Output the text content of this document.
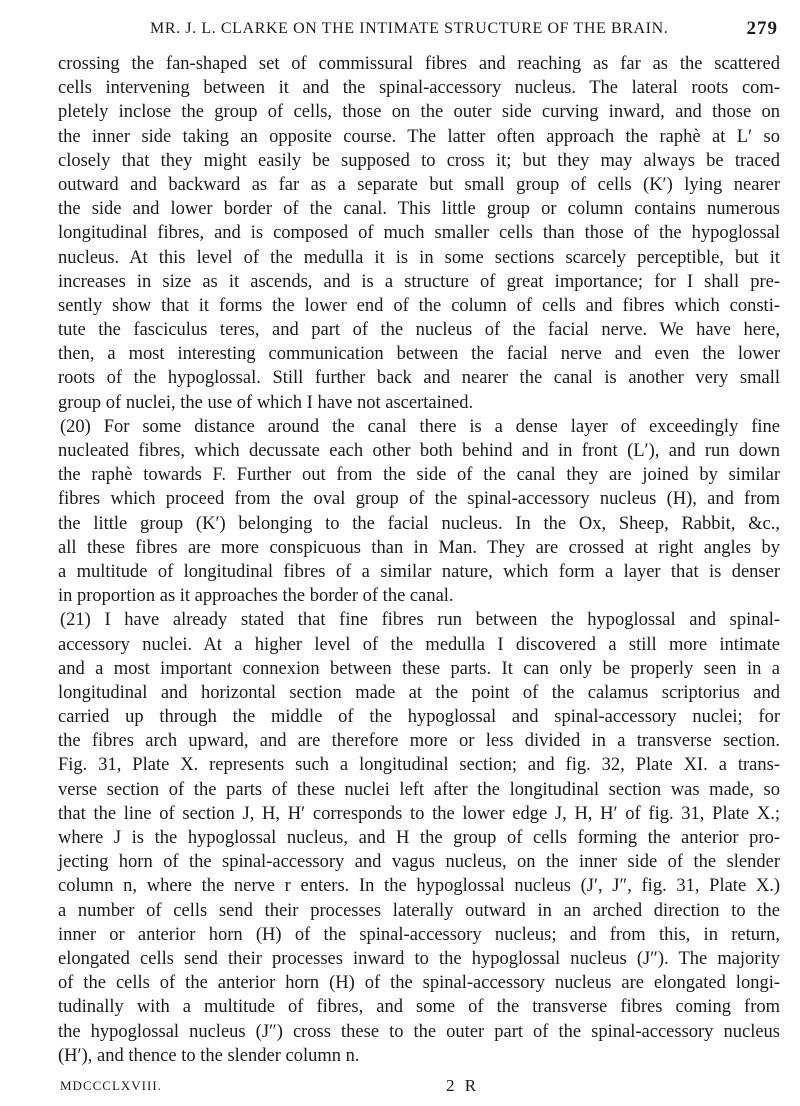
MR. J. L. CLARKE ON THE INTIMATE STRUCTURE OF THE BRAIN.	279
crossing the fan-shaped set of commissural fibres and reaching as far as the scattered
cells intervening between it and the spinal-accessory nucleus. The lateral roots com-
pletely inclose the group of cells, those on the outer side curving inward, and those on
the inner side taking an opposite course. The latter often approach the raphè at L′ so
closely that they might easily be supposed to cross it; but they may always be traced
outward and backward as far as a separate but small group of cells (K′) lying nearer
the side and lower border of the canal. This little group or column contains numerous
longitudinal fibres, and is composed of much smaller cells than those of the hypoglossal
nucleus. At this level of the medulla it is in some sections scarcely perceptible, but it
increases in size as it ascends, and is a structure of great importance; for I shall pre-
sently show that it forms the lower end of the column of cells and fibres which consti-
tute the fasciculus teres, and part of the nucleus of the facial nerve. We have here,
then, a most interesting communication between the facial nerve and even the lower
roots of the hypoglossal. Still further back and nearer the canal is another very small
group of nuclei, the use of which I have not ascertained.
(20) For some distance around the canal there is a dense layer of exceedingly fine
nucleated fibres, which decussate each other both behind and in front (L′), and run down
the raphè towards F. Further out from the side of the canal they are joined by similar
fibres which proceed from the oval group of the spinal-accessory nucleus (H), and from
the little group (K′) belonging to the facial nucleus. In the Ox, Sheep, Rabbit, &c.,
all these fibres are more conspicuous than in Man. They are crossed at right angles by
a multitude of longitudinal fibres of a similar nature, which form a layer that is denser
in proportion as it approaches the border of the canal.
(21) I have already stated that fine fibres run between the hypoglossal and spinal-
accessory nuclei. At a higher level of the medulla I discovered a still more intimate
and a most important connexion between these parts. It can only be properly seen in a
longitudinal and horizontal section made at the point of the calamus scriptorius and
carried up through the middle of the hypoglossal and spinal-accessory nuclei; for
the fibres arch upward, and are therefore more or less divided in a transverse section.
Fig. 31, Plate X. represents such a longitudinal section; and fig. 32, Plate XI. a trans-
verse section of the parts of these nuclei left after the longitudinal section was made, so
that the line of section J, H, H′ corresponds to the lower edge J, H, H′ of fig. 31, Plate X.;
where J is the hypoglossal nucleus, and H the group of cells forming the anterior pro-
jecting horn of the spinal-accessory and vagus nucleus, on the inner side of the slender
column n, where the nerve r enters. In the hypoglossal nucleus (J′, J″, fig. 31, Plate X.)
a number of cells send their processes laterally outward in an arched direction to the
inner or anterior horn (H) of the spinal-accessory nucleus; and from this, in return,
elongated cells send their processes inward to the hypoglossal nucleus (J″). The majority
of the cells of the anterior horn (H) of the spinal-accessory nucleus are elongated longi-
tudinally with a multitude of fibres, and some of the transverse fibres coming from
the hypoglossal nucleus (J″) cross these to the outer part of the spinal-accessory nucleus
(H′), and thence to the slender column n.
MDCCCLXVIII.	2 R
